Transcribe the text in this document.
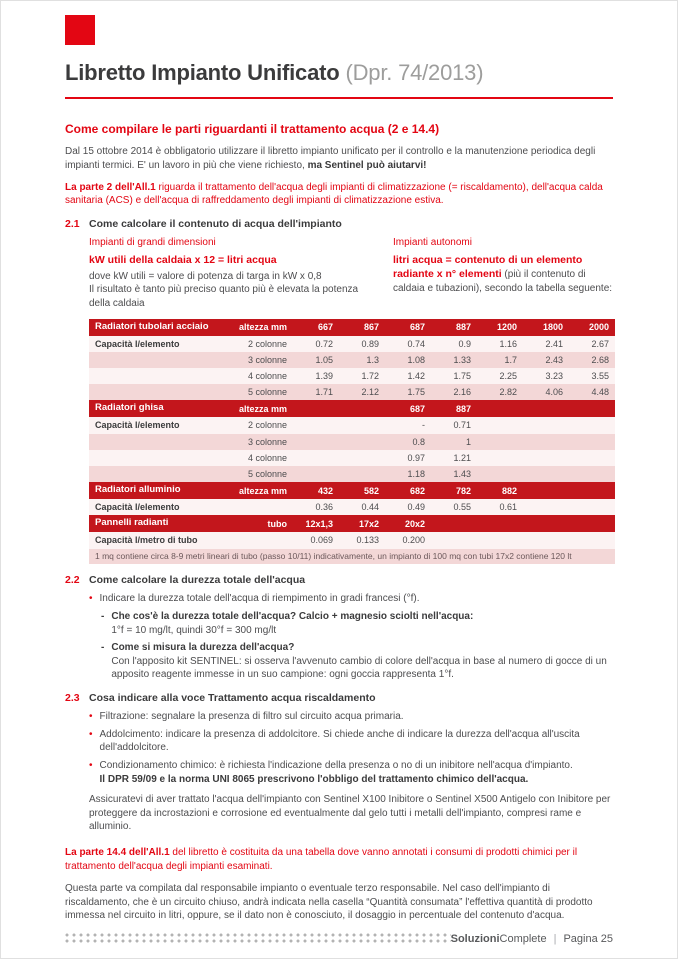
Libretto Impianto Unificato (Dpr. 74/2013)
Come compilare le parti riguardanti il trattamento acqua (2 e 14.4)
Dal 15 ottobre 2014 è obbligatorio utilizzare il libretto impianto unificato per il controllo e la manutenzione periodica degli impianti termici. E' un lavoro in più che viene richiesto, ma Sentinel può aiutarvi!
La parte 2 dell'All.1 riguarda il trattamento dell'acqua degli impianti di climatizzazione (= riscaldamento), dell'acqua calda sanitaria (ACS) e dell'acqua di raffreddamento degli impianti di climatizzazione estiva.
2.1 Come calcolare il contenuto di acqua dell'impianto
Impianti di grandi dimensioni
kW utili della caldaia x 12 = litri acqua
dove kW utili = valore di potenza di targa in kW x 0,8
Il risultato è tanto più preciso quanto più è elevata la potenza della caldaia
Impianti autonomi
litri acqua = contenuto di un elemento radiante x n° elementi (più il contenuto di caldaia e tubazioni), secondo la tabella seguente:
Radiatori tubolari acciaio	altezza mm	667	867	687	887	1200	1800	2000
Capacità l/elemento	2 colonne	0.72	0.89	0.74	0.9	1.16	2.41	2.67
	3 colonne	1.05	1.3	1.08	1.33	1.7	2.43	2.68
	4 colonne	1.39	1.72	1.42	1.75	2.25	3.23	3.55
	5 colonne	1.71	2.12	1.75	2.16	2.82	4.06	4.48
Radiatori ghisa	altezza mm			687	887			
Capacità l/elemento	2 colonne			-	0.71			
	3 colonne			0.8	1			
	4 colonne			0.97	1.21			
	5 colonne			1.18	1.43			
Radiatori alluminio	altezza mm	432	582	682	782	882		
Capacità l/elemento		0.36	0.44	0.49	0.55	0.61		
Pannelli radianti	tubo	12x1,3	17x2	20x2				
Capacità l/metro di tubo		0.069	0.133	0.200				
1 mq contiene circa 8-9 metri lineari di tubo (passo 10/11) indicativamente, un impianto di 100 mq con tubi 17x2 contiene 120 lt								
2.2 Come calcolare la durezza totale dell'acqua
• Indicare la durezza totale dell'acqua di riempimento in gradi francesi (°f).
- Che cos'è la durezza totale dell'acqua? Calcio + magnesio sciolti nell'acqua:
1°f = 10 mg/lt, quindi 30°f = 300 mg/lt
- Come si misura la durezza dell'acqua?
Con l'apposito kit SENTINEL: si osserva l'avvenuto cambio di colore dell'acqua in base al numero di gocce di un apposito reagente immesse in un suo campione: ogni goccia rappresenta 1°f.
2.3 Cosa indicare alla voce Trattamento acqua riscaldamento
• Filtrazione: segnalare la presenza di filtro sul circuito acqua primaria.
• Addolcimento: indicare la presenza di addolcitore. Si chiede anche di indicare la durezza dell'acqua all'uscita dell'addolcitore.
• Condizionamento chimico: è richiesta l'indicazione della presenza o no di un inibitore nell'acqua d'impianto.
Il DPR 59/09 e la norma UNI 8065 prescrivono l'obbligo del trattamento chimico dell'acqua.
Assicuratevi di aver trattato l'acqua dell'impianto con Sentinel X100 Inibitore o Sentinel X500 Antigelo con Inibitore per proteggere da incrostazioni e corrosione ed eventualmente dal gelo tutti i metalli dell'impianto, compresi rame e alluminio.
La parte 14.4 dell'All.1 del libretto è costituita da una tabella dove vanno annotati i consumi di prodotti chimici per il trattamento dell'acqua degli impianti esaminati.
Questa parte va compilata dal responsabile impianto o eventuale terzo responsabile. Nel caso dell'impianto di riscaldamento, che è un circuito chiuso, andrà indicata nella casella “Quantità consumata” l'effettiva quantità di prodotto immessa nel circuito in litri, oppure, se il dato non è conosciuto, il dosaggio in percentuale del contenuto d'acqua.
SoluzioniComplete | Pagina 25
